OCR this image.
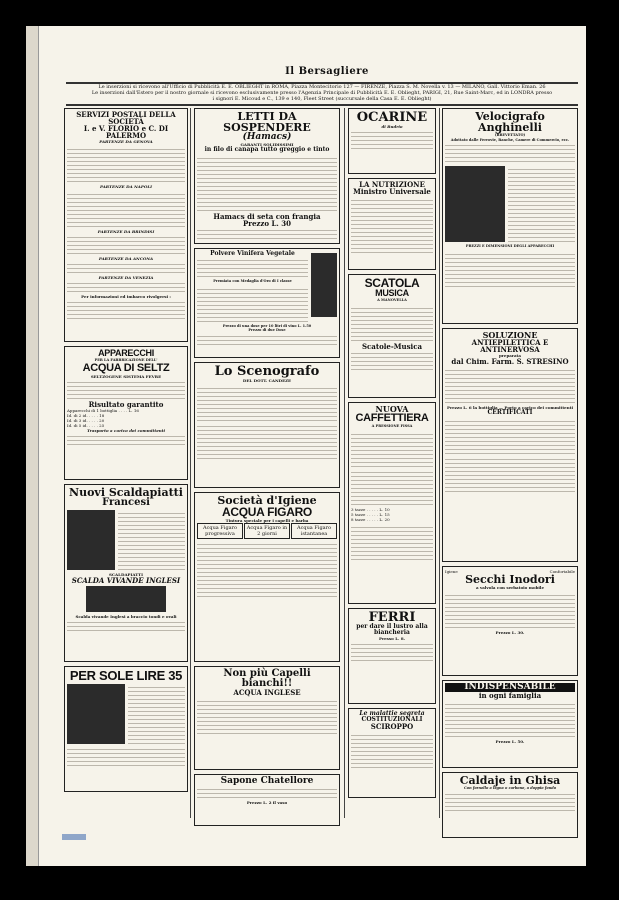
Il Bersagliere
Le inserzioni si ricevono all'Ufficio di Pubblicità E. E. OBLIEGHT in ROMA, Piazza Montecitorio 127 — FIRENZE, Piazza S. M. Novella v. 13 — MILANO, Gall. Vittorio Eman. 26
Le inserzioni dall'Estero per il nostro giornale si ricevono esclusivamente presso l'Agenzia Principale di Pubblicità E. E. Oblieght, PARIGI, 21, Rue Saint-Marc, ed in LONDRA presso
i signori E. Micoud e C., 139 e 140, Fleet Street (succursale della Casa E. E. Oblieght)
SERVIZI POSTALI DELLA SOCIETÀ
I. e V. FLORIO e C. DI PALERMO
PARTENZE DA GENOVA
PARTENZE DA NAPOLI
PARTENZE DA BRINDISI
PARTENZE DA ANCONA
PARTENZE DA VENEZIA
Per informazioni ed imbarco rivolgersi :
APPARECCHI
PER LA FABBRICAZIONE DELL'
ACQUA DI SELTZ
SELTZOGENE SISTEMA FEVRE
Risultato garantito
Apparecchi di 1 bottiglia . . . . L. 16
Id. di 2 id. . . . . 18
Id. di 3 id. . . . . 20
Id. di 5 id. . . . . 25
Trasporto a carico dei committenti
Nuovi Scaldapiatti
Francesi
SCALDAPIATTI
SCALDA VIVANDE INGLESI
Scalda vivande Inglesi a braccio tondi e ovali
PER SOLE LIRE 35
LETTI DA SOSPENDERE
(Hamacs)
GARANTI SOLIDISSIMI
in filo di canapa tutto greggio e tinto
Hamacs di seta con frangia
Prezzo L. 30
Polvere Vinifera Vegetale
Premiata con Medaglia d'Oro di I classe
Prezzo di una dose per 10 litri di vino L. 1.50
Prezzo di due Dose
Lo Scenografo
DEL DOTT. CANDEZE
Società d'Igiene
ACQUA FIGARO
Tintura speciale per i capelli e barba
Acqua Figaro progressiva
Acqua Figaro in 2 giorni
Acqua Figaro istantanea
Non più Capelli bianchi!!
ACQUA INGLESE
Sapone Chatellore
Prezzo L. 2 il vaso
OCARINE
di Budrio
LA NUTRIZIONE Ministro Universale
SCATOLA
MUSICA
A MANOVELLA
Scatole-Musica
NUOVA
CAFFETTIERA
A PRESSIONE FISSA
3 tazze . . . . . L. 10
5 tazze . . . . . L. 15
8 tazze . . . . . L. 20
FERRI
per dare il lustro alla biancheria
Presso L. 8.
Le malattie segreta
COSTITUZIONALI
SCIROPPO
Velocigrafo Anghinelli
(BREVETTATO)
Adottato dalle Ferrovie, Banche, Camere di Commercio, ecc.
PREZZI E DIMENSIONI DEGLI APPARECCHI
SOLUZIONE
ANTIEPILETTICA E ANTINERVOSA
preparata
dal Chim. Farm. S. STRESINO
Prezzo L. 6 la bottiglia — Porto a carico dei committenti
CERTIFICATI
Igiene	Confortabile
Secchi Inodori
a valvola con serbatoio mobile
Prezzo L. 30.
INDISPENSABILE
in ogni famiglia
Prezzo L. 50.
Caldaje in Ghisa
Con fornello a legna o carbone, a doppio fondo
